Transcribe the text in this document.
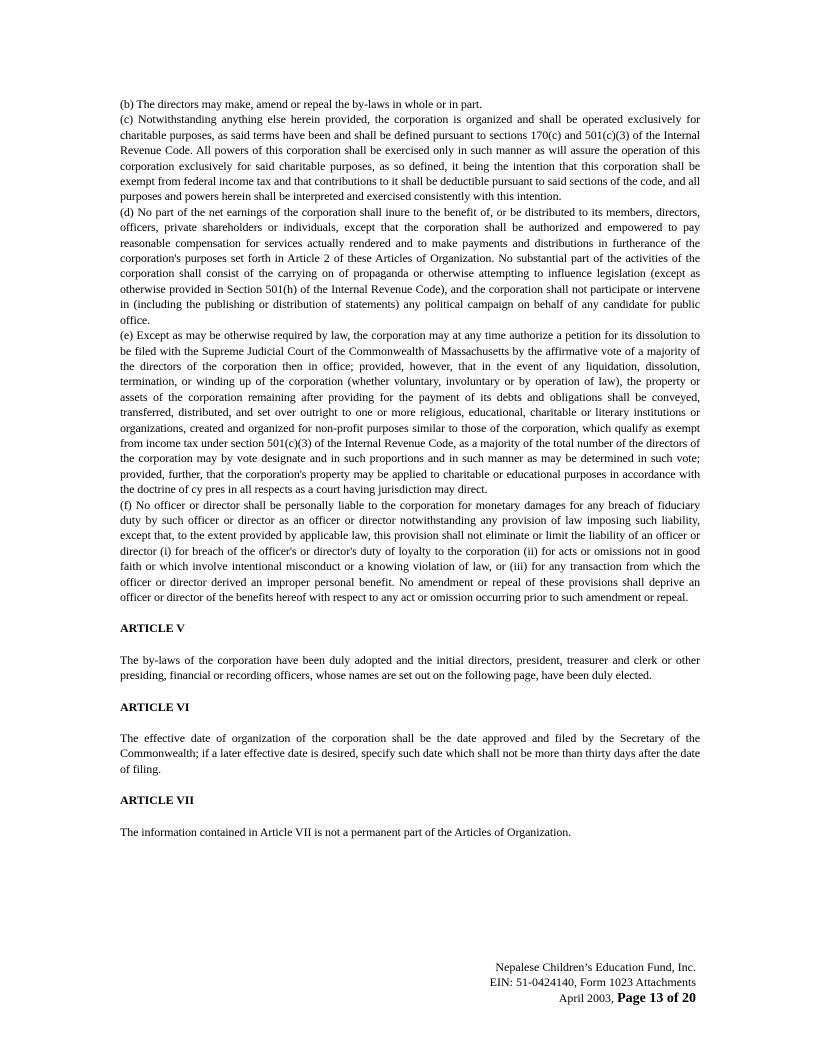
(b) The directors may make, amend or repeal the by-laws in whole or in part.

(c) Notwithstanding anything else herein provided, the corporation is organized and shall be operated exclusively for charitable purposes, as said terms have been and shall be defined pursuant to sections 170(c) and 501(c)(3) of the Internal Revenue Code. All powers of this corporation shall be exercised only in such manner as will assure the operation of this corporation exclusively for said charitable purposes, as so defined, it being the intention that this corporation shall be exempt from federal income tax and that contributions to it shall be deductible pursuant to said sections of the code, and all purposes and powers herein shall be interpreted and exercised consistently with this intention.

(d) No part of the net earnings of the corporation shall inure to the benefit of, or be distributed to its members, directors, officers, private shareholders or individuals, except that the corporation shall be authorized and empowered to pay reasonable compensation for services actually rendered and to make payments and distributions in furtherance of the corporation's purposes set forth in Article 2 of these Articles of Organization. No substantial part of the activities of the corporation shall consist of the carrying on of propaganda or otherwise attempting to influence legislation (except as otherwise provided in Section 501(h) of the Internal Revenue Code), and the corporation shall not participate or intervene in (including the publishing or distribution of statements) any political campaign on behalf of any candidate for public office.

(e) Except as may be otherwise required by law, the corporation may at any time authorize a petition for its dissolution to be filed with the Supreme Judicial Court of the Commonwealth of Massachusetts by the affirmative vote of a majority of the directors of the corporation then in office; provided, however, that in the event of any liquidation, dissolution, termination, or winding up of the corporation (whether voluntary, involuntary or by operation of law), the property or assets of the corporation remaining after providing for the payment of its debts and obligations shall be conveyed, transferred, distributed, and set over outright to one or more religious, educational, charitable or literary institutions or organizations, created and organized for non-profit purposes similar to those of the corporation, which qualify as exempt from income tax under section 501(c)(3) of the Internal Revenue Code, as a majority of the total number of the directors of the corporation may by vote designate and in such proportions and in such manner as may be determined in such vote; provided, further, that the corporation's property may be applied to charitable or educational purposes in accordance with the doctrine of cy pres in all respects as a court having jurisdiction may direct.

(f) No officer or director shall be personally liable to the corporation for monetary damages for any breach of fiduciary duty by such officer or director as an officer or director notwithstanding any provision of law imposing such liability, except that, to the extent provided by applicable law, this provision shall not eliminate or limit the liability of an officer or director (i) for breach of the officer's or director's duty of loyalty to the corporation (ii) for acts or omissions not in good faith or which involve intentional misconduct or a knowing violation of law, or (iii) for any transaction from which the officer or director derived an improper personal benefit. No amendment or repeal of these provisions shall deprive an officer or director of the benefits hereof with respect to any act or omission occurring prior to such amendment or repeal.

ARTICLE V

The by-laws of the corporation have been duly adopted and the initial directors, president, treasurer and clerk or other presiding, financial or recording officers, whose names are set out on the following page, have been duly elected.

ARTICLE VI

The effective date of organization of the corporation shall be the date approved and filed by the Secretary of the Commonwealth; if a later effective date is desired, specify such date which shall not be more than thirty days after the date of filing.

ARTICLE VII

The information contained in Article VII is not a permanent part of the Articles of Organization.

Nepalese Children’s Education Fund, Inc.
EIN: 51-0424140, Form 1023 Attachments
April 2003, Page 13 of 20
